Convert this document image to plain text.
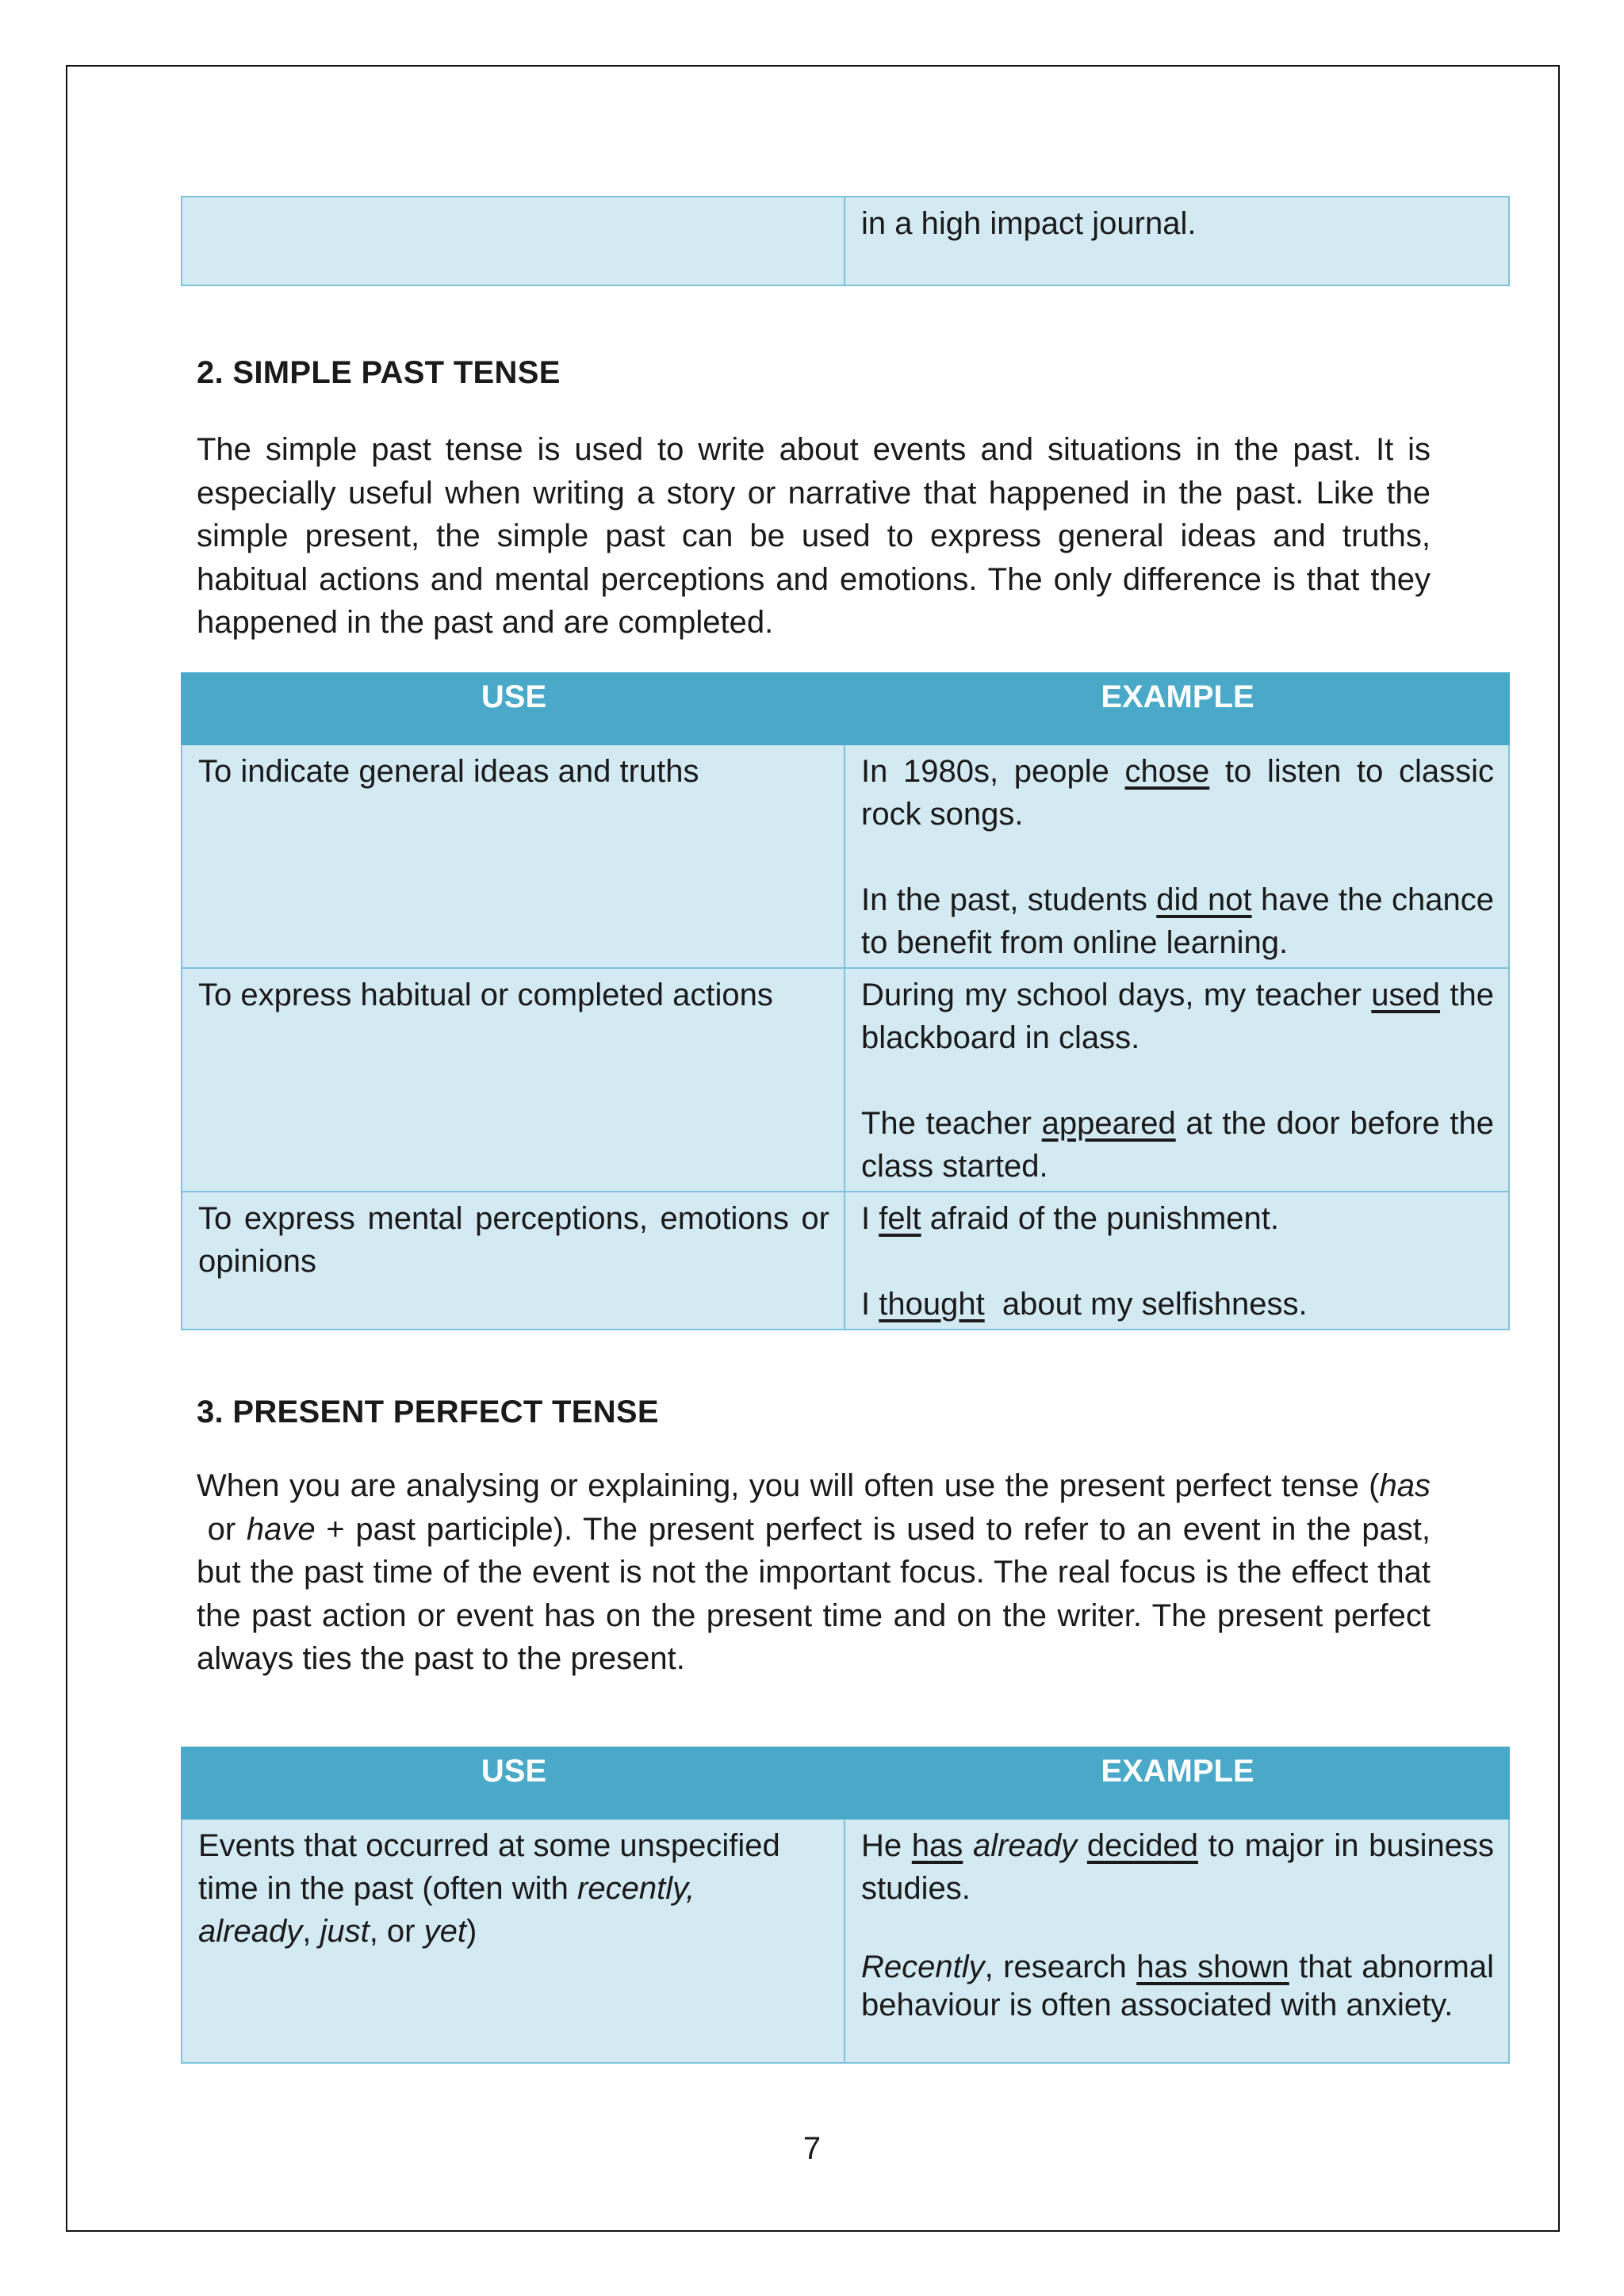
	in a high impact journal.
2. SIMPLE PAST TENSE

The simple past tense is used to write about events and situations in the past. It is especially useful when writing a story or narrative that happened in the past. Like the simple present, the simple past can be used to express general ideas and truths, habitual actions and mental perceptions and emotions. The only difference is that they happened in the past and are completed.

USE	EXAMPLE
To indicate general ideas and truths	In 1980s, people chose to listen to classic rock songs.
In the past, students did not have the chance to benefit from online learning.

To express habitual or completed actions	During my school days, my teacher used the blackboard in class.
The teacher appeared at the door before the class started.

To express mental perceptions, emotions or opinions	I felt afraid of the punishment.
I thought  about my selfishness.
3. PRESENT PERFECT TENSE

When you are analysing or explaining, you will often use the present perfect tense (has or have + past participle). The present perfect is used to refer to an event in the past, but the past time of the event is not the important focus. The real focus is the effect that the past action or event has on the present time and on the writer. The present perfect always ties the past to the present.

USE	EXAMPLE
Events that occurred at some unspecified time in the past (often with recently, already, just, or yet)	He has already decided to major in business studies.
Recently, research has shown that abnormal behaviour is often associated with anxiety.
7
